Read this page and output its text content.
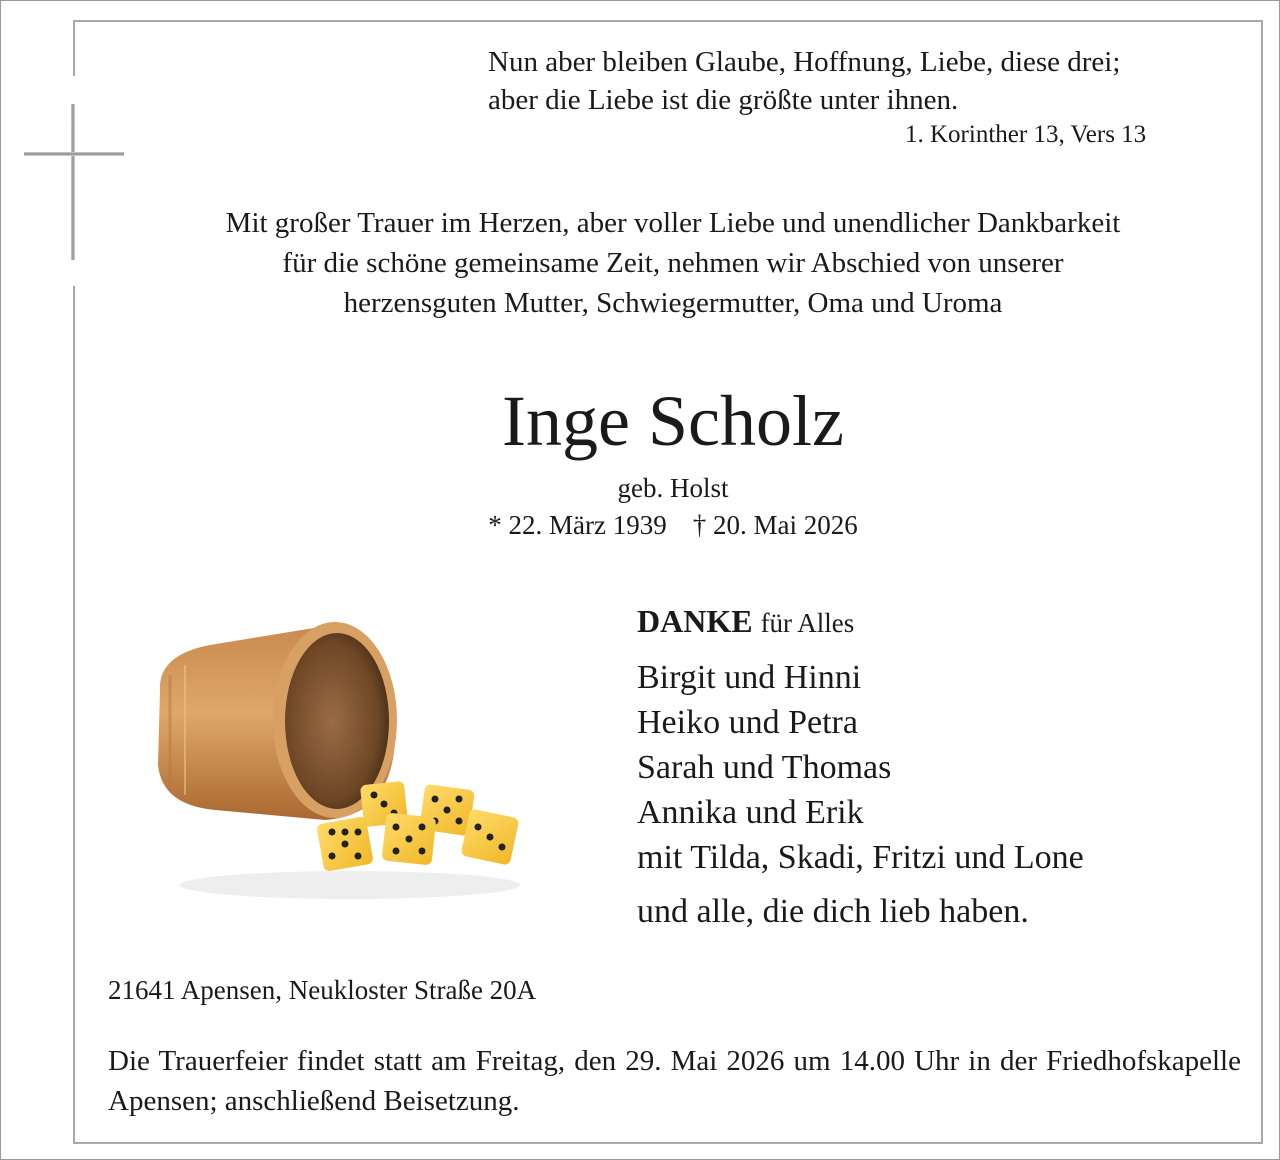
Nun aber bleiben Glaube, Hoffnung, Liebe, diese drei;
aber die Liebe ist die größte unter ihnen.
1. Korinther 13, Vers 13
Mit großer Trauer im Herzen, aber voller Liebe und unendlicher Dankbarkeit
für die schöne gemeinsame Zeit, nehmen wir Abschied von unserer
herzensguten Mutter, Schwiegermutter, Oma und Uroma
Inge Scholz
geb. Holst
* 22. März 1939 † 20. Mai 2026
DANKE für Alles
Birgit und Hinni
Heiko und Petra
Sarah und Thomas
Annika und Erik
mit Tilda, Skadi, Fritzi und Lone
und alle, die dich lieb haben.
21641 Apensen, Neukloster Straße 20A
Die Trauerfeier findet statt am Freitag, den 29. Mai 2026 um 14.00 Uhr in der Friedhofskapelle Apensen; anschließend Beisetzung.
